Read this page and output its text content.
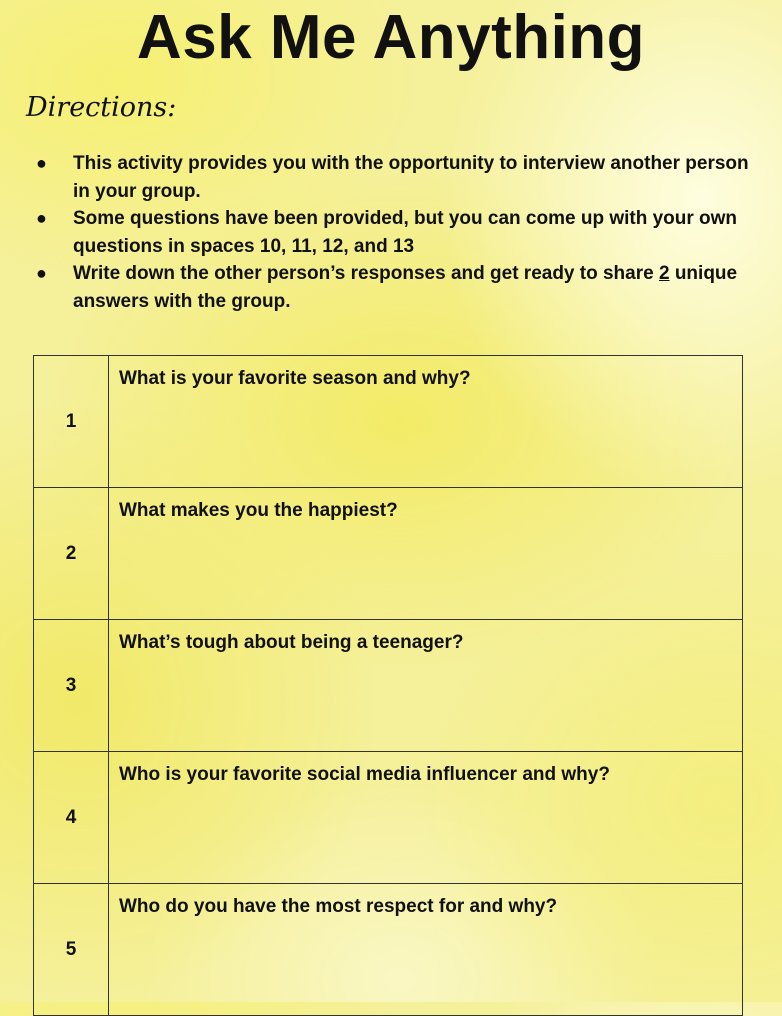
Ask Me Anything
Directions:
● This activity provides you with the opportunity to interview another person in your group.
● Some questions have been provided, but you can come up with your own questions in spaces 10, 11, 12, and 13
● Write down the other person’s responses and get ready to share 2 unique answers with the group.
1	What is your favorite season and why?
2	What makes you the happiest?
3	What’s tough about being a teenager?
4	Who is your favorite social media influencer and why?
5	Who do you have the most respect for and why?
